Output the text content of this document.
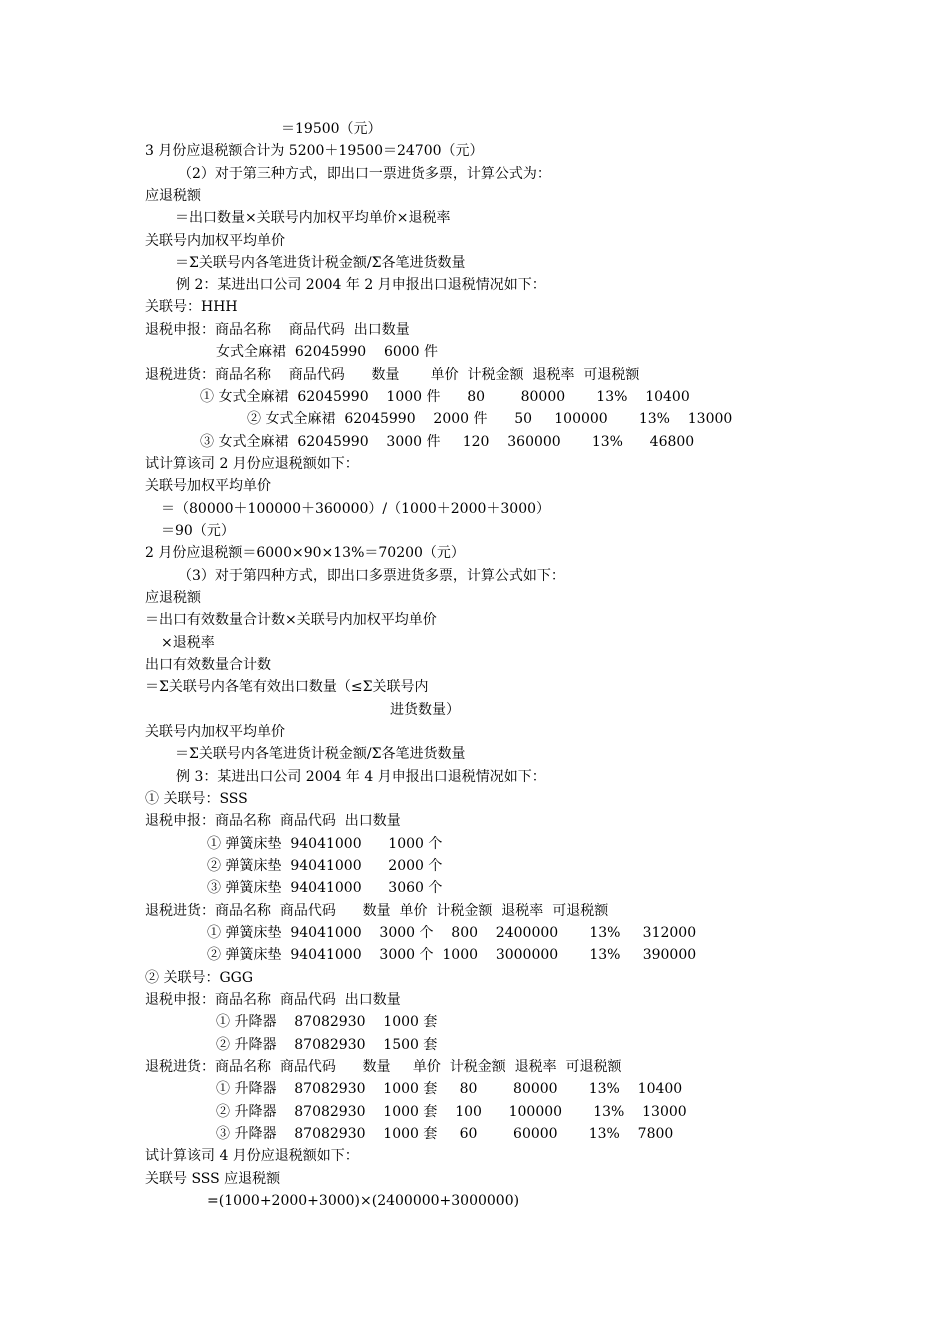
＝19500（元）
3 月份应退税额合计为 5200＋19500＝24700（元）
（2）对于第三种方式，即出口一票进货多票，计算公式为：
应退税额
＝出口数量×关联号内加权平均单价×退税率
关联号内加权平均单价
＝Σ关联号内各笔进货计税金额/Σ各笔进货数量
例 2：某进出口公司 2004 年 2 月申报出口退税情况如下：
关联号：HHH
退税申报：商品名称    商品代码  出口数量
女式全麻裙  62045990    6000 件
退税进货：商品名称    商品代码      数量       单价  计税金额  退税率  可退税额
① 女式全麻裙  62045990    1000 件      80        80000       13%    10400
② 女式全麻裙  62045990    2000 件      50     100000       13%    13000
③ 女式全麻裙  62045990    3000 件     120    360000       13%      46800
试计算该司 2 月份应退税额如下：
关联号加权平均单价
＝（80000＋100000＋360000）/（1000＋2000＋3000）
＝90（元）
2 月份应退税额＝6000×90×13%＝70200（元）
（3）对于第四种方式，即出口多票进货多票，计算公式如下：
应退税额
＝出口有效数量合计数×关联号内加权平均单价
×退税率
出口有效数量合计数
＝Σ关联号内各笔有效出口数量（≤Σ关联号内
进货数量）
关联号内加权平均单价
＝Σ关联号内各笔进货计税金额/Σ各笔进货数量
例 3：某进出口公司 2004 年 4 月申报出口退税情况如下：
① 关联号：SSS
退税申报：商品名称  商品代码  出口数量
① 弹簧床垫  94041000      1000 个
② 弹簧床垫  94041000      2000 个
③ 弹簧床垫  94041000      3060 个
退税进货：商品名称  商品代码      数量  单价  计税金额  退税率  可退税额
① 弹簧床垫  94041000    3000 个    800    2400000       13%     312000
② 弹簧床垫  94041000    3000 个  1000    3000000       13%     390000
② 关联号：GGG
退税申报：商品名称  商品代码  出口数量
① 升降器    87082930    1000 套
② 升降器    87082930    1500 套
退税进货：商品名称  商品代码      数量     单价  计税金额  退税率  可退税额
① 升降器    87082930    1000 套     80        80000       13%    10400
② 升降器    87082930    1000 套    100      100000       13%    13000
③ 升降器    87082930    1000 套     60        60000       13%    7800
试计算该司 4 月份应退税额如下：
关联号 SSS 应退税额
=(1000+2000+3000)×(2400000+3000000)
